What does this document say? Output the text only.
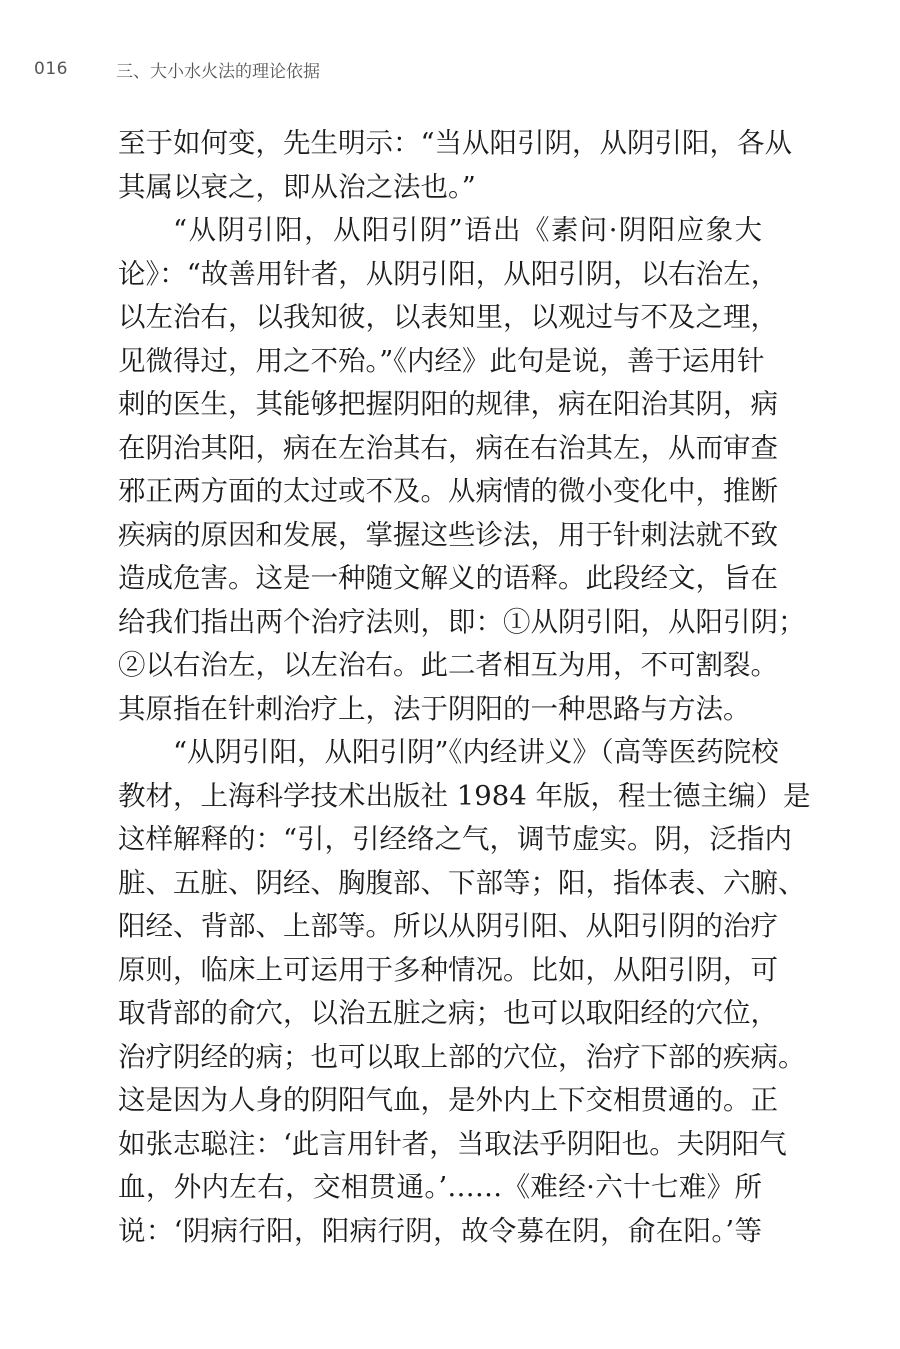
016	三、大小水火法的理论依据
至于如何变，先生明示：“当从阳引阴，从阴引阳，各从
其属以衰之，即从治之法也。”
“从阴引阳，从阳引阴”语出《素问·阴阳应象大
论》：“故善用针者，从阴引阳，从阳引阴，以右治左，
以左治右，以我知彼，以表知里，以观过与不及之理，
见微得过，用之不殆。”《内经》此句是说，善于运用针
刺的医生，其能够把握阴阳的规律，病在阳治其阴，病
在阴治其阳，病在左治其右，病在右治其左，从而审查
邪正两方面的太过或不及。从病情的微小变化中，推断
疾病的原因和发展，掌握这些诊法，用于针刺法就不致
造成危害。这是一种随文解义的语释。此段经文，旨在
给我们指出两个治疗法则，即：①从阴引阳，从阳引阴；
②以右治左，以左治右。此二者相互为用，不可割裂。
其原指在针刺治疗上，法于阴阳的一种思路与方法。
“从阴引阳，从阳引阴”《内经讲义》（高等医药院校
教材，上海科学技术出版社 1984 年版，程士德主编）是
这样解释的：“引，引经络之气，调节虚实。阴，泛指内
脏、五脏、阴经、胸腹部、下部等；阳，指体表、六腑、
阳经、背部、上部等。所以从阴引阳、从阳引阴的治疗
原则，临床上可运用于多种情况。比如，从阳引阴，可
取背部的俞穴，以治五脏之病；也可以取阳经的穴位，
治疗阴经的病；也可以取上部的穴位，治疗下部的疾病。
这是因为人身的阴阳气血，是外内上下交相贯通的。正
如张志聪注：‘此言用针者，当取法乎阴阳也。夫阴阳气
血，外内左右，交相贯通。’……《难经·六十七难》所
说：‘阴病行阳，阳病行阴，故令募在阴，俞在阳。’等
